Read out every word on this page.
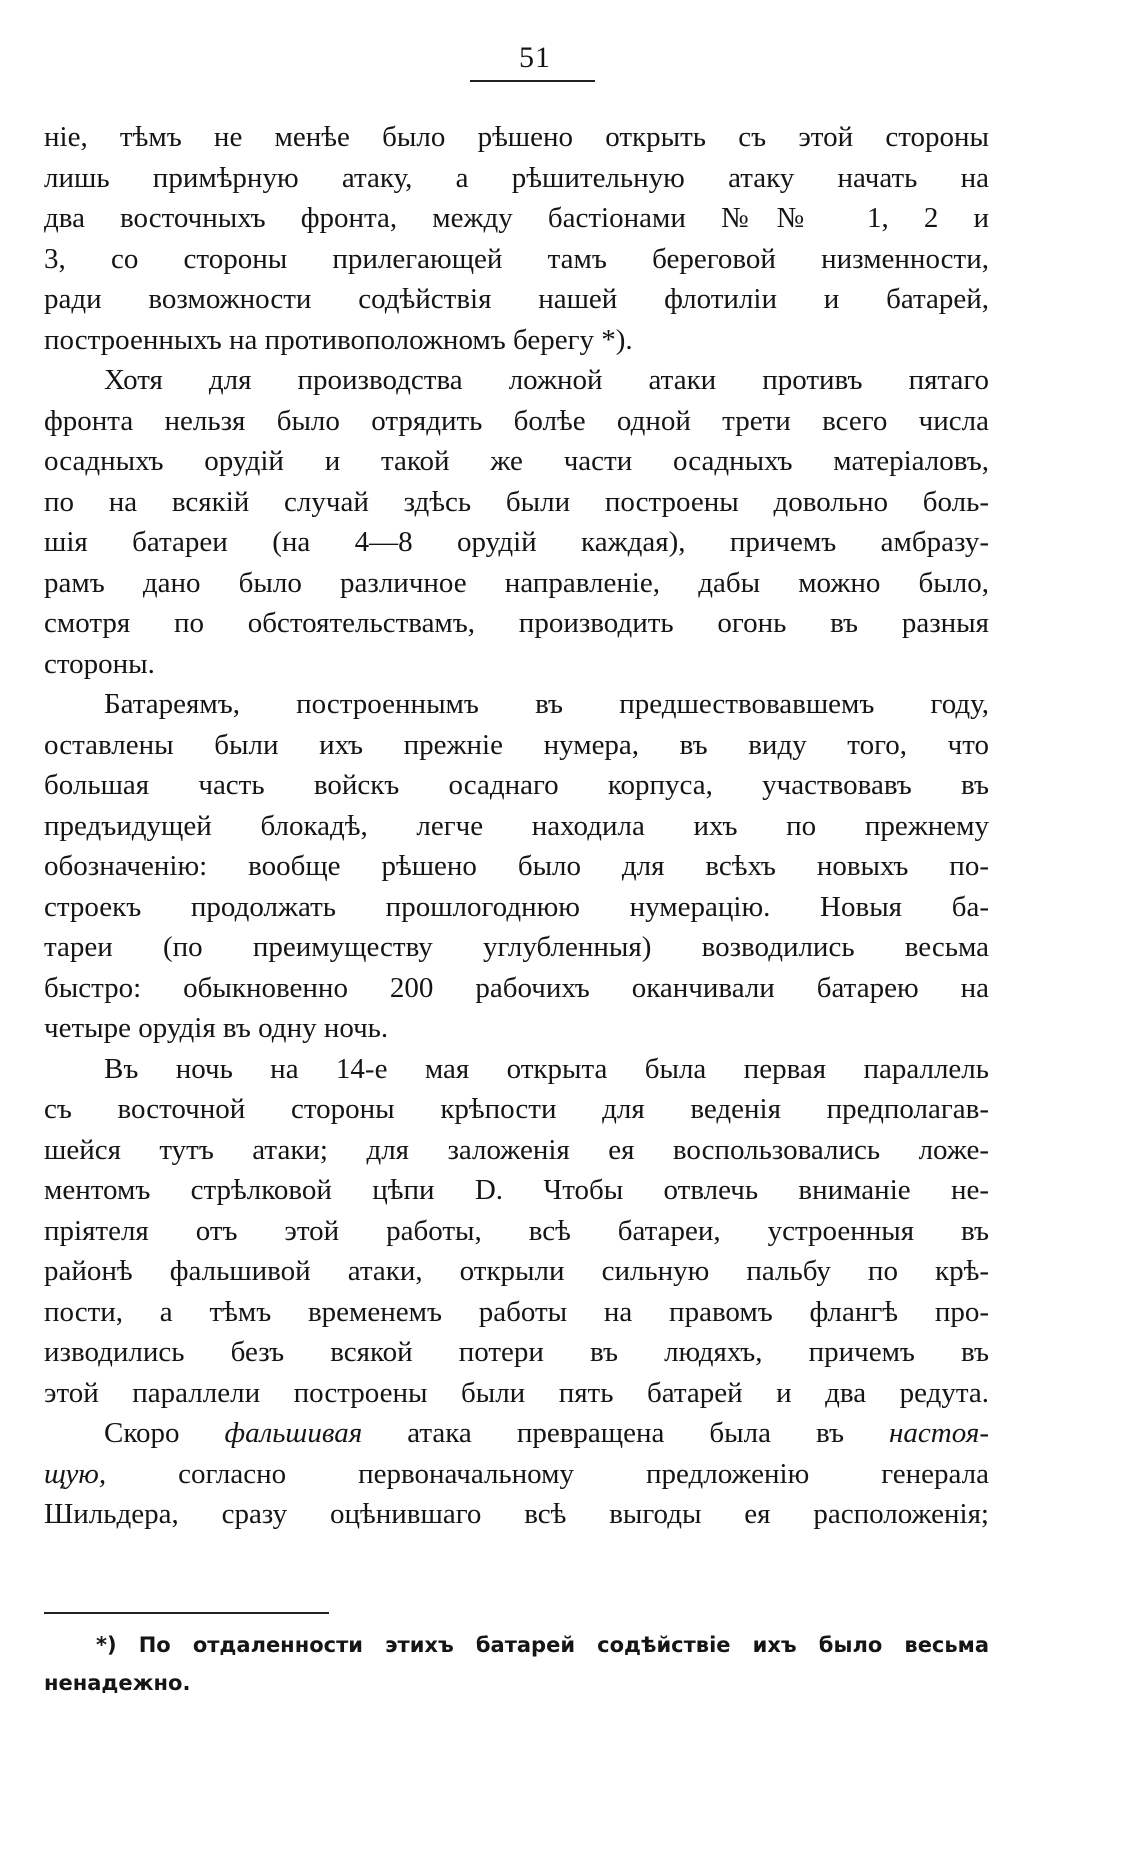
51
ніе, тѣмъ не менѣе было рѣшено открыть съ этой стороны
лишь примѣрную атаку, а рѣшительную атаку начать на
два восточныхъ фронта, между бастіонами №№ 1, 2 и
3, со стороны прилегающей тамъ береговой низменности,
ради возможности содѣйствія нашей флотиліи и батарей,
построенныхъ на противоположномъ берегу *).
Хотя для производства ложной атаки противъ пятаго
фронта нельзя было отрядить болѣе одной трети всего числа
осадныхъ орудій и такой же части осадныхъ матеріаловъ,
по на всякій случай здѣсь были построены довольно боль-
шія батареи (на 4—8 орудій каждая), причемъ амбразу-
рамъ дано было различное направленіе, дабы можно было,
смотря по обстоятельствамъ, производить огонь въ разныя
стороны.
Батареямъ, построеннымъ въ предшествовавшемъ году,
оставлены были ихъ прежніе нумера, въ виду того, что
большая часть войскъ осаднаго корпуса, участвовавъ въ
предъидущей блокадѣ, легче находила ихъ по прежнему
обозначенію: вообще рѣшено было для всѣхъ новыхъ по-
строекъ продолжать прошлогоднюю нумерацію. Новыя ба-
тареи (по преимуществу углубленныя) возводились весьма
быстро: обыкновенно 200 рабочихъ оканчивали батарею на
четыре орудія въ одну ночь.
Въ ночь на 14-е мая открыта была первая параллель
съ восточной стороны крѣпости для веденія предполагав-
шейся тутъ атаки; для заложенія ея воспользовались ложе-
ментомъ стрѣлковой цѣпи D. Чтобы отвлечь вниманіе не-
пріятеля отъ этой работы, всѣ батареи, устроенныя въ
районѣ фальшивой атаки, открыли сильную пальбу по крѣ-
пости, а тѣмъ временемъ работы на правомъ флангѣ про-
изводились безъ всякой потери въ людяхъ, причемъ въ
этой параллели построены были пять батарей и два редута.
Скоро фальшивая атака превращена была въ настоя-
щую, согласно первоначальному предложенію генерала
Шильдера, сразу оцѣнившаго всѣ выгоды ея расположенія;
*) По отдаленности этихъ батарей содѣйствіе ихъ было весьма
ненадежно.
